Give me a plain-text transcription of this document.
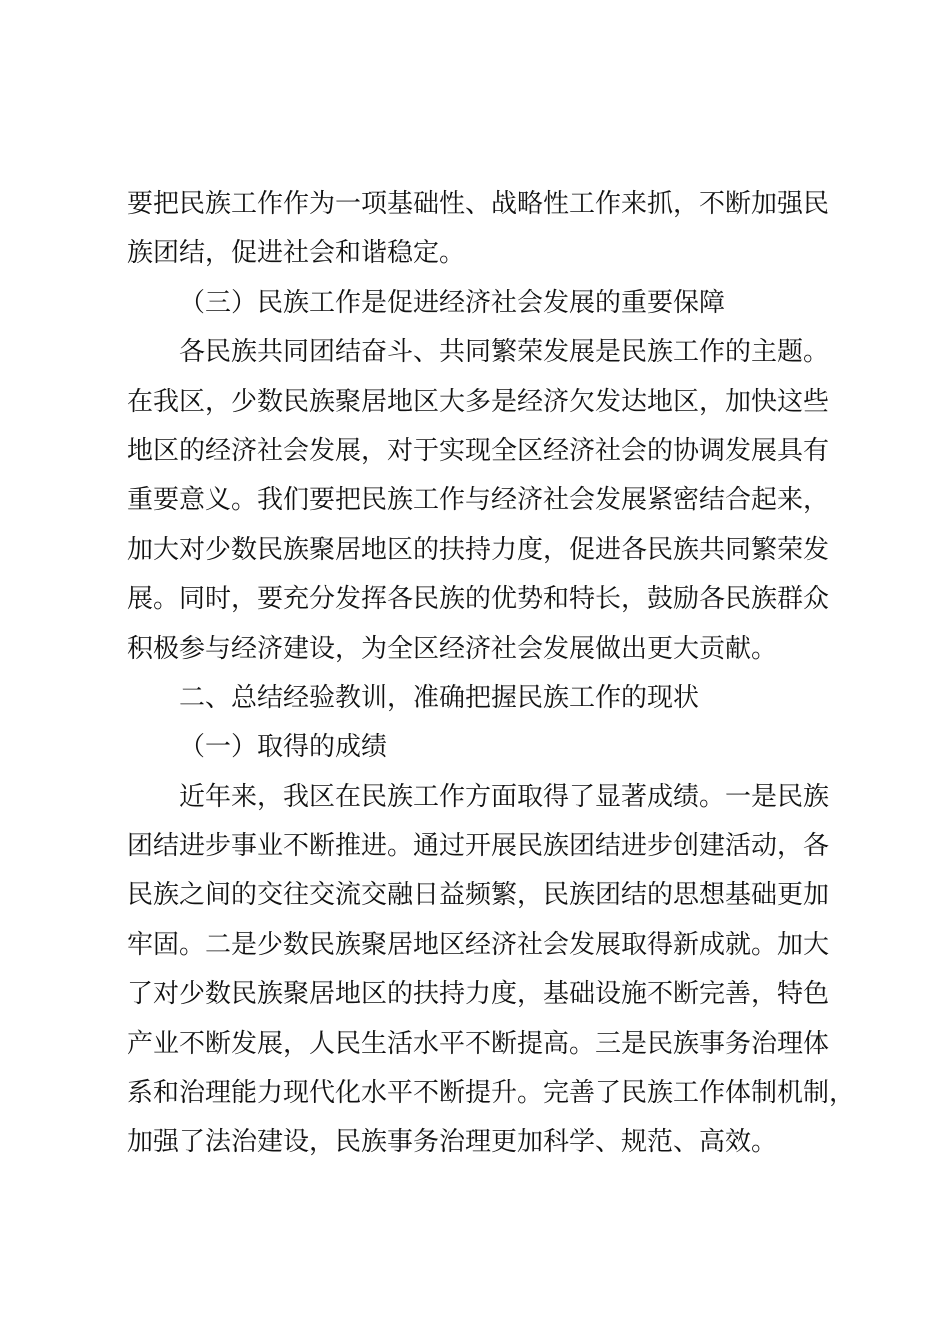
要把民族工作作为一项基础性、战略性工作来抓，不断加强民
族团结，促进社会和谐稳定。
（三）民族工作是促进经济社会发展的重要保障
各民族共同团结奋斗、共同繁荣发展是民族工作的主题。
在我区，少数民族聚居地区大多是经济欠发达地区，加快这些
地区的经济社会发展，对于实现全区经济社会的协调发展具有
重要意义。我们要把民族工作与经济社会发展紧密结合起来，
加大对少数民族聚居地区的扶持力度，促进各民族共同繁荣发
展。同时，要充分发挥各民族的优势和特长，鼓励各民族群众
积极参与经济建设，为全区经济社会发展做出更大贡献。
二、总结经验教训，准确把握民族工作的现状
（一）取得的成绩
近年来，我区在民族工作方面取得了显著成绩。一是民族
团结进步事业不断推进。通过开展民族团结进步创建活动，各
民族之间的交往交流交融日益频繁，民族团结的思想基础更加
牢固。二是少数民族聚居地区经济社会发展取得新成就。加大
了对少数民族聚居地区的扶持力度，基础设施不断完善，特色
产业不断发展，人民生活水平不断提高。三是民族事务治理体
系和治理能力现代化水平不断提升。完善了民族工作体制机制，
加强了法治建设，民族事务治理更加科学、规范、高效。
